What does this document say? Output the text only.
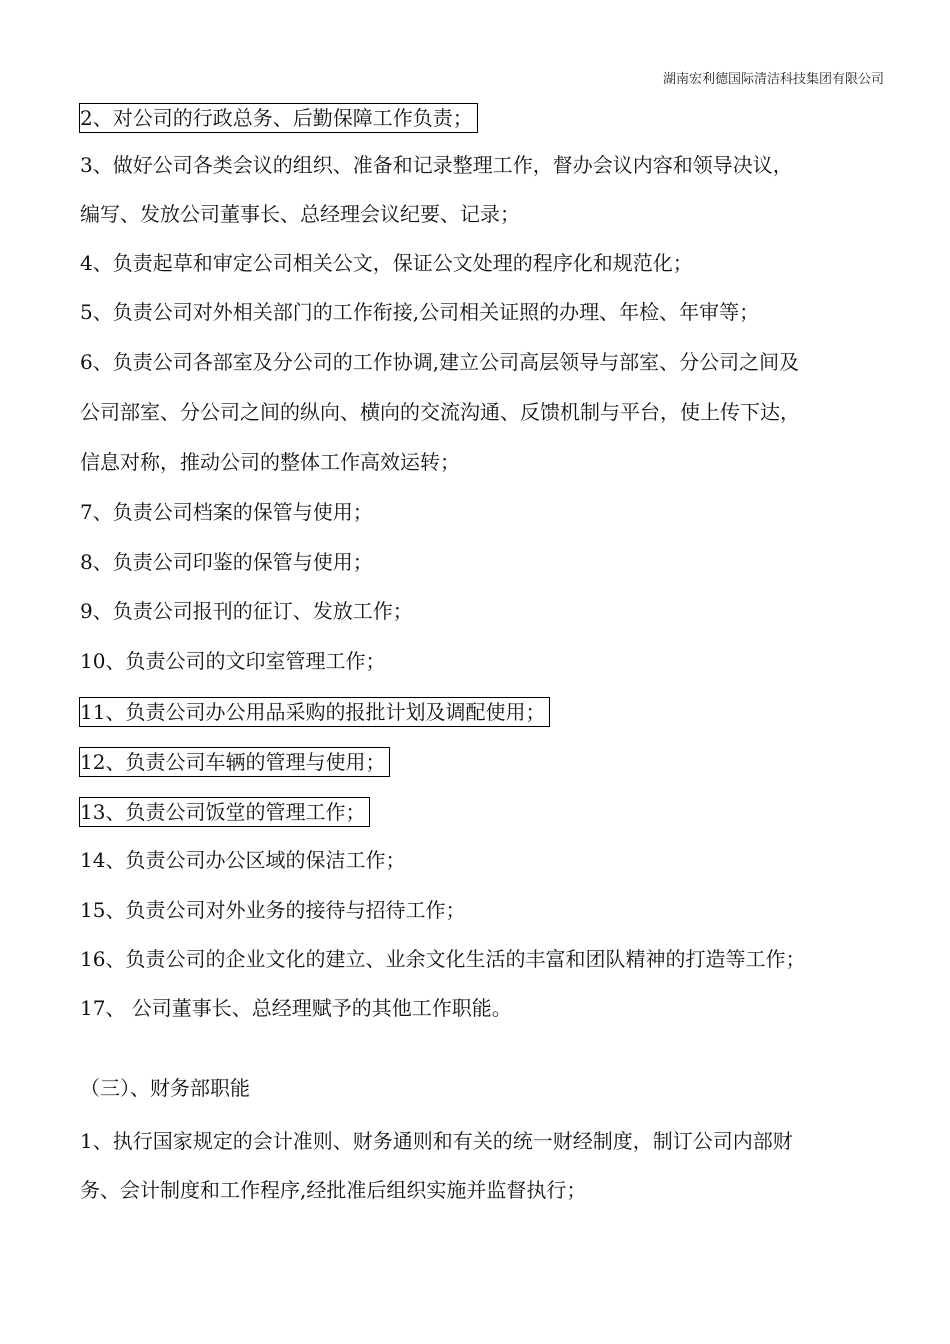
湖南宏利德国际清洁科技集团有限公司
2、对公司的行政总务、后勤保障工作负责；
3、做好公司各类会议的组织、准备和记录整理工作，督办会议内容和领导决议，
编写、发放公司董事长、总经理会议纪要、记录；
4、负责起草和审定公司相关公文，保证公文处理的程序化和规范化；
5、负责公司对外相关部门的工作衔接,公司相关证照的办理、年检、年审等；
6、负责公司各部室及分公司的工作协调,建立公司高层领导与部室、分公司之间及
公司部室、分公司之间的纵向、横向的交流沟通、反馈机制与平台，使上传下达，
信息对称，推动公司的整体工作高效运转；
7、负责公司档案的保管与使用；
8、负责公司印鉴的保管与使用；
9、负责公司报刊的征订、发放工作；
10、负责公司的文印室管理工作；
11、负责公司办公用品采购的报批计划及调配使用；
12、负责公司车辆的管理与使用；
13、负责公司饭堂的管理工作；
14、负责公司办公区域的保洁工作；
15、负责公司对外业务的接待与招待工作；
16、负责公司的企业文化的建立、业余文化生活的丰富和团队精神的打造等工作；
17、 公司董事长、总经理赋予的其他工作职能。
（三）、财务部职能
1、执行国家规定的会计准则、财务通则和有关的统一财经制度，制订公司内部财
务、会计制度和工作程序,经批准后组织实施并监督执行；
